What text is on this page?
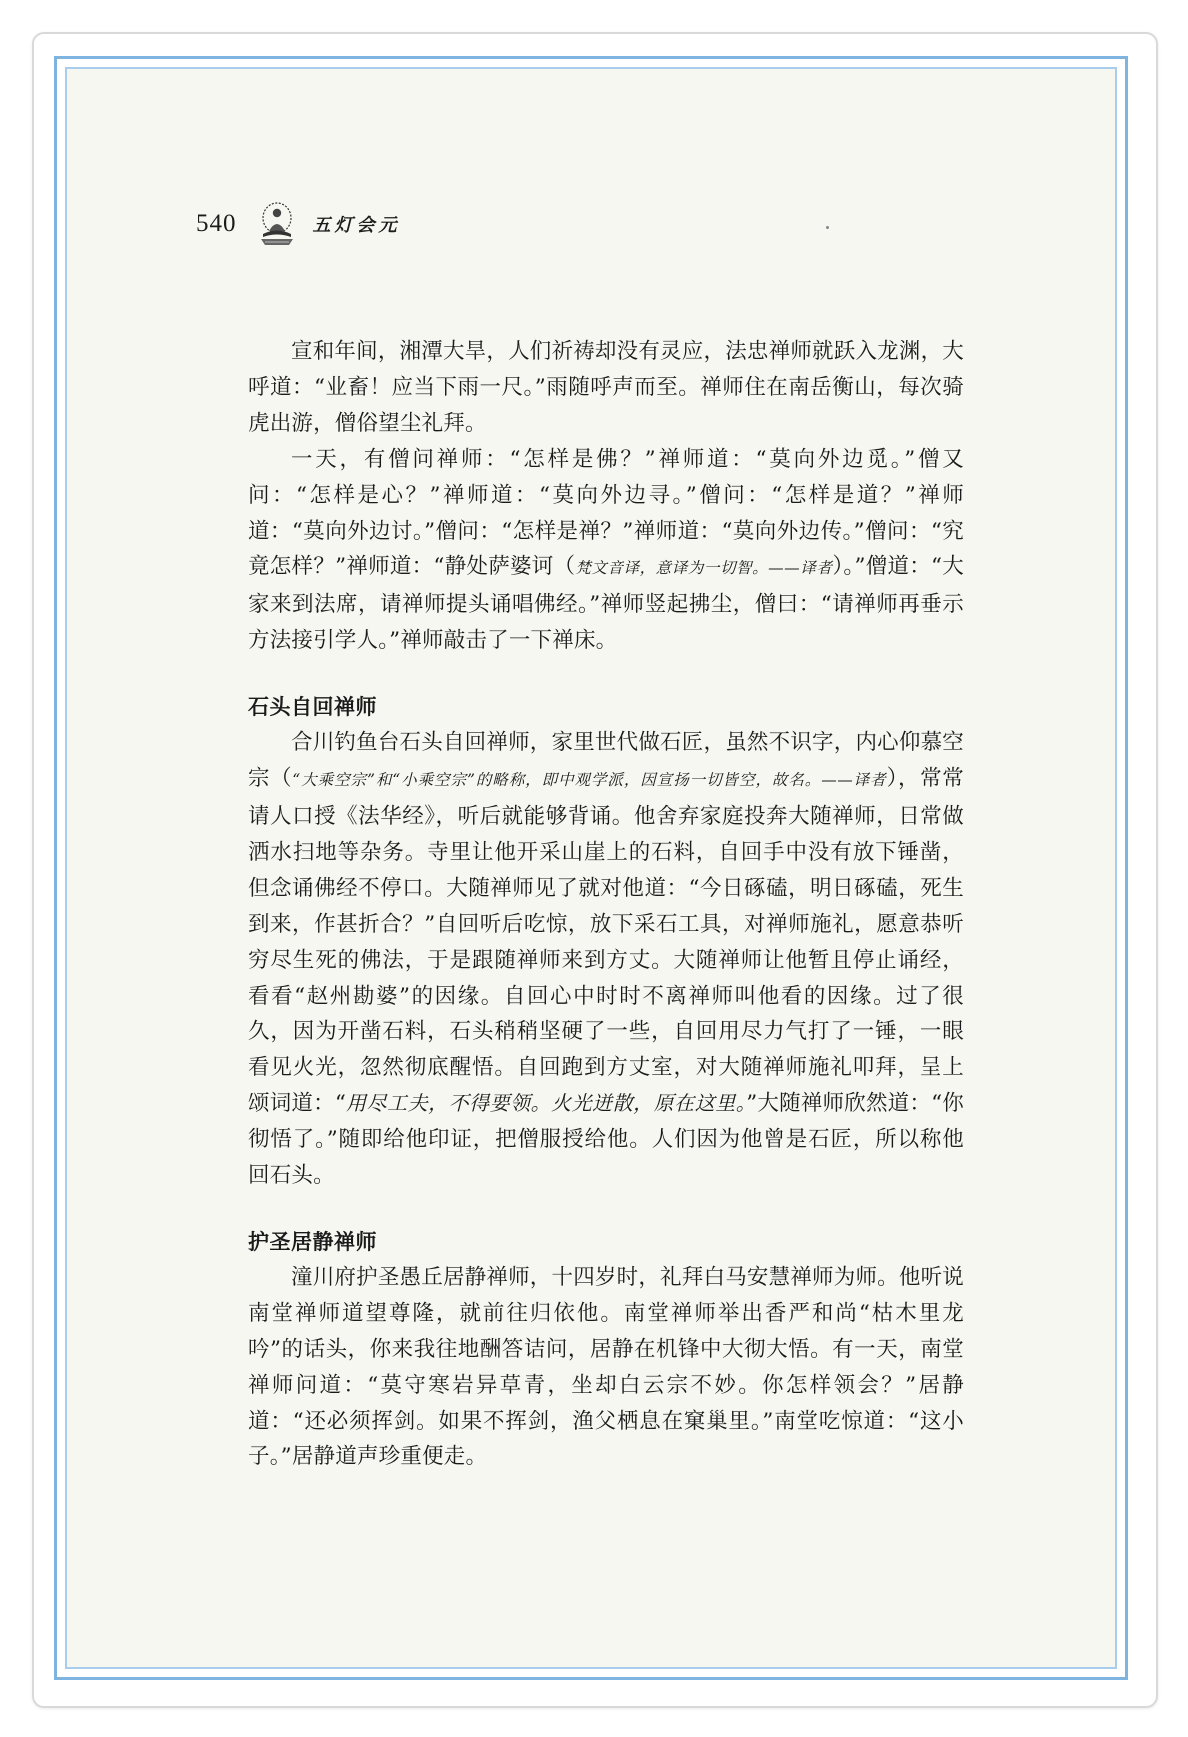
540	五灯会元

宣和年间，湘潭大旱，人们祈祷却没有灵应，法忠禅师就跃入龙渊，大呼道：“业畜！应当下雨一尺。”雨随呼声而至。禅师住在南岳衡山，每次骑虎出游，僧俗望尘礼拜。

一天，有僧问禅师：“怎样是佛？”禅师道：“莫向外边觅。”僧又问：“怎样是心？”禅师道：“莫向外边寻。”僧问：“怎样是道？”禅师道：“莫向外边讨。”僧问：“怎样是禅？”禅师道：“莫向外边传。”僧问：“究竟怎样？”禅师道：“静处萨婆诃（梵文音译，意译为一切智。——译者）。”僧道：“大家来到法席，请禅师提头诵唱佛经。”禅师竖起拂尘，僧曰：“请禅师再垂示方法接引学人。”禅师敲击了一下禅床。

石头自回禅师

合川钓鱼台石头自回禅师，家里世代做石匠，虽然不识字，内心仰慕空宗（“大乘空宗”和“小乘空宗”的略称，即中观学派，因宣扬一切皆空，故名。——译者），常常请人口授《法华经》，听后就能够背诵。他舍弃家庭投奔大随禅师，日常做洒水扫地等杂务。寺里让他开采山崖上的石料，自回手中没有放下锤凿，但念诵佛经不停口。大随禅师见了就对他道：“今日硺磕，明日硺磕，死生到来，作甚折合？”自回听后吃惊，放下采石工具，对禅师施礼，愿意恭听穷尽生死的佛法，于是跟随禅师来到方丈。大随禅师让他暂且停止诵经，看看“赵州勘婆”的因缘。自回心中时时不离禅师叫他看的因缘。过了很久，因为开凿石料，石头稍稍坚硬了一些，自回用尽力气打了一锤，一眼看见火光，忽然彻底醒悟。自回跑到方丈室，对大随禅师施礼叩拜，呈上颂词道：“用尽工夫，不得要领。火光迸散，原在这里。”大随禅师欣然道：“你彻悟了。”随即给他印证，把僧服授给他。人们因为他曾是石匠，所以称他回石头。

护圣居静禅师

潼川府护圣愚丘居静禅师，十四岁时，礼拜白马安慧禅师为师。他听说南堂禅师道望尊隆，就前往归依他。南堂禅师举出香严和尚“枯木里龙吟”的话头，你来我往地酬答诘问，居静在机锋中大彻大悟。有一天，南堂禅师问道：“莫守寒岩异草青，坐却白云宗不妙。你怎样领会？”居静道：“还必须挥剑。如果不挥剑，渔父栖息在窠巢里。”南堂吃惊道：“这小子。”居静道声珍重便走。
